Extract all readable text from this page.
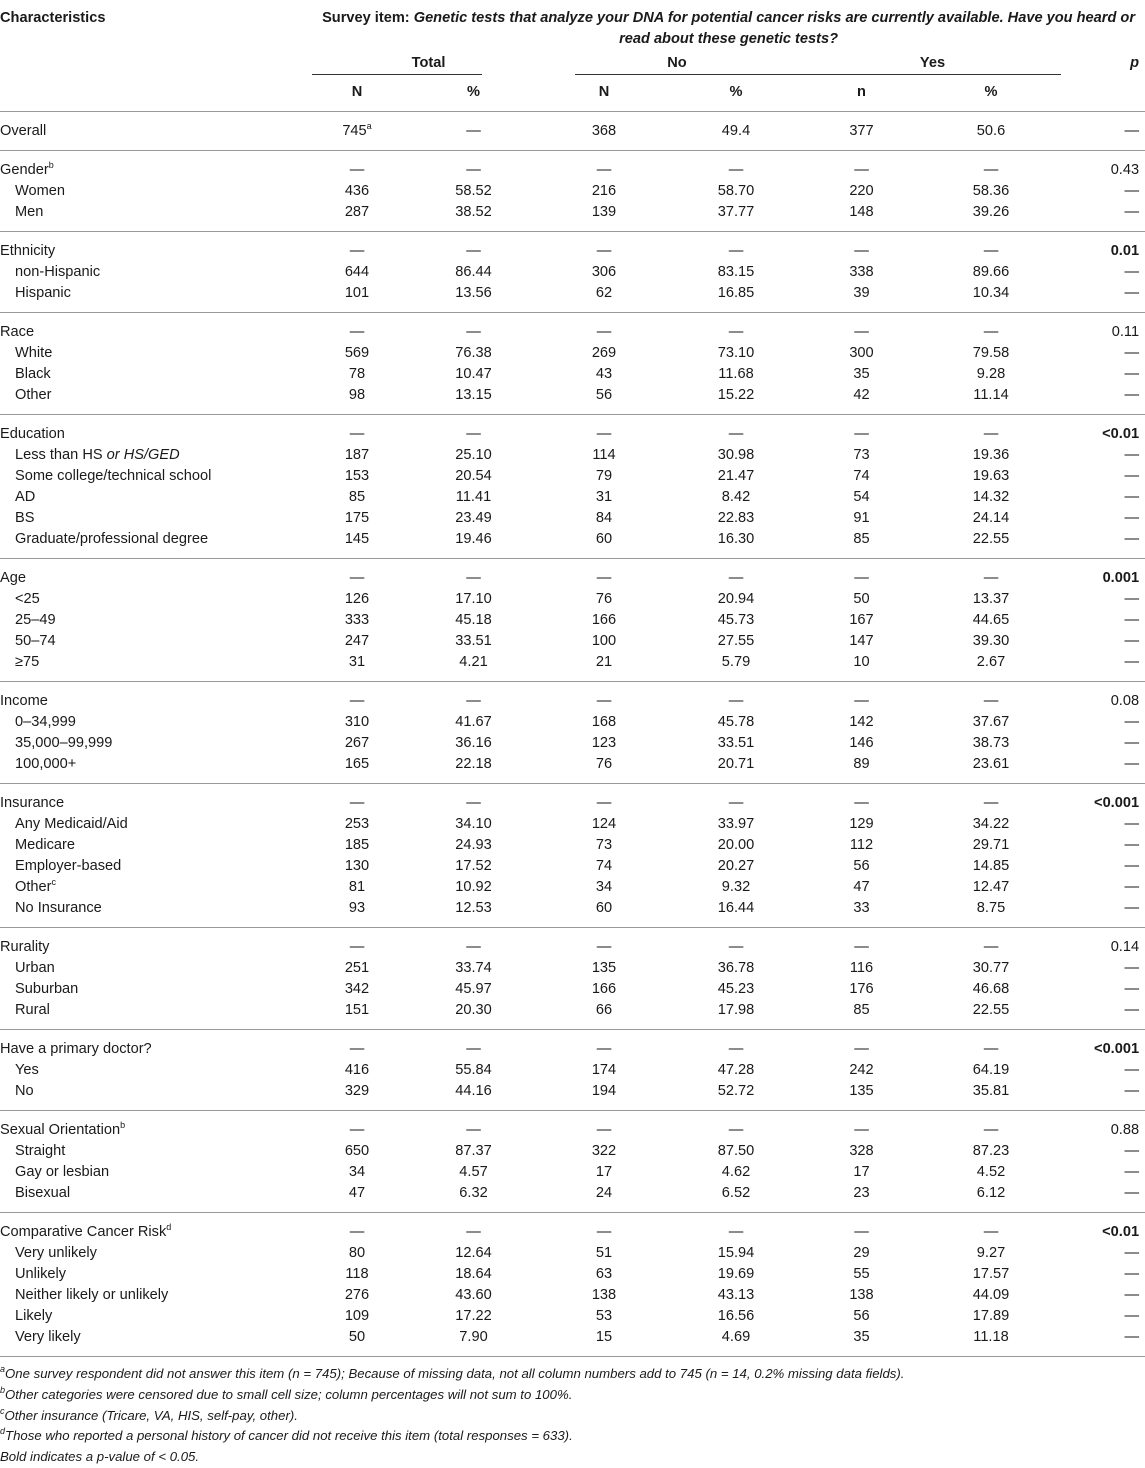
Characteristics	Survey item: Genetic tests that analyze your DNA for potential cancer risks are currently available. Have you heard or read about these genetic tests?						

	Total		No		Yes		p

	N	%	N	%	n	%	
Overall	745$^a$	—	368	49.4	377	50.6	—
Gender$^b$	—	—	—	—	—	—	0.43
Women	436	58.52	216	58.70	220	58.36	—
Men	287	38.52	139	37.77	148	39.26	—
Ethnicity	—	—	—	—	—	—	0.01
non-Hispanic	644	86.44	306	83.15	338	89.66	—
Hispanic	101	13.56	62	16.85	39	10.34	—
Race	—	—	—	—	—	—	0.11
White	569	76.38	269	73.10	300	79.58	—
Black	78	10.47	43	11.68	35	9.28	—
Other	98	13.15	56	15.22	42	11.14	—
Education	—	—	—	—	—	—	<0.01
Less than HS or HS/GED	187	25.10	114	30.98	73	19.36	—
Some college/technical school	153	20.54	79	21.47	74	19.63	—
AD	85	11.41	31	8.42	54	14.32	—
BS	175	23.49	84	22.83	91	24.14	—
Graduate/professional degree	145	19.46	60	16.30	85	22.55	—
Age	—	—	—	—	—	—	0.001
<25	126	17.10	76	20.94	50	13.37	—
25–49	333	45.18	166	45.73	167	44.65	—
50–74	247	33.51	100	27.55	147	39.30	—
≥75	31	4.21	21	5.79	10	2.67	—
Income	—	—	—	—	—	—	0.08
0–34,999	310	41.67	168	45.78	142	37.67	—
35,000–99,999	267	36.16	123	33.51	146	38.73	—
100,000+	165	22.18	76	20.71	89	23.61	—
Insurance	—	—	—	—	—	—	<0.001
Any Medicaid/Aid	253	34.10	124	33.97	129	34.22	—
Medicare	185	24.93	73	20.00	112	29.71	—
Employer-based	130	17.52	74	20.27	56	14.85	—
Other$^c$	81	10.92	34	9.32	47	12.47	—
No Insurance	93	12.53	60	16.44	33	8.75	—
Rurality	—	—	—	—	—	—	0.14
Urban	251	33.74	135	36.78	116	30.77	—
Suburban	342	45.97	166	45.23	176	46.68	—
Rural	151	20.30	66	17.98	85	22.55	—
Have a primary doctor?	—	—	—	—	—	—	<0.001
Yes	416	55.84	174	47.28	242	64.19	—
No	329	44.16	194	52.72	135	35.81	—
Sexual Orientation$^b$	—	—	—	—	—	—	0.88
Straight	650	87.37	322	87.50	328	87.23	—
Gay or lesbian	34	4.57	17	4.62	17	4.52	—
Bisexual	47	6.32	24	6.52	23	6.12	—
Comparative Cancer Risk$^d$	—	—	—	—	—	—	<0.01
Very unlikely	80	12.64	51	15.94	29	9.27	—
Unlikely	118	18.64	63	19.69	55	17.57	—
Neither likely or unlikely	276	43.60	138	43.13	138	44.09	—
Likely	109	17.22	53	16.56	56	17.89	—
Very likely	50	7.90	15	4.69	35	11.18	—

$^a$One survey respondent did not answer this item (n = 745); Because of missing data, not all column numbers add to 745 (n = 14, 0.2% missing data fields).

$^b$Other categories were censored due to small cell size; column percentages will not sum to 100%.

$^c$Other insurance (Tricare, VA, HIS, self-pay, other).

$^d$Those who reported a personal history of cancer did not receive this item (total responses = 633).

Bold indicates a p-value of < 0.05.
